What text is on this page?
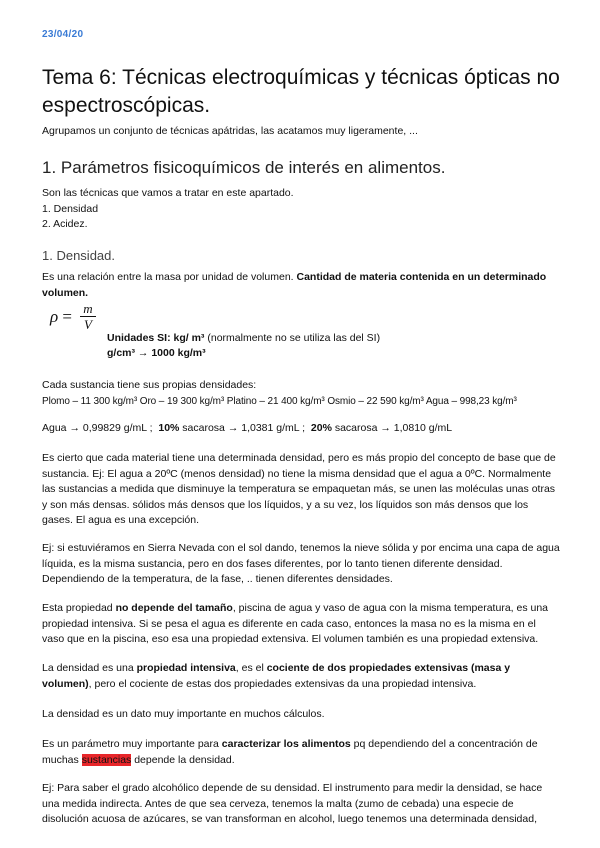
23/04/20
Tema 6: Técnicas electroquímicas y técnicas ópticas no espectroscópicas.

Agrupamos un conjunto de técnicas apátridas, las acatamos muy ligeramente, ...

1. Parámetros fisicoquímicos de interés en alimentos.

Son las técnicas que vamos a tratar en este apartado.
1. Densidad
2. Acidez.

1. Densidad.

Es una relación entre la masa por unidad de volumen. Cantidad de materia contenida en un determinado volumen.

$\rho = \frac{m}{V}$
Unidades SI: kg/ m³ (normalmente no se utiliza las del SI)
g/cm³ → 1000 kg/m³

Cada sustancia tiene sus propias densidades:
Plomo – 11 300 kg/m³ Oro – 19 300 kg/m³ Platino – 21 400 kg/m³ Osmio – 22 590 kg/m³ Agua – 998,23 kg/m³

Agua → 0,99829 g/mL ;  10% sacarosa → 1,0381 g/mL ;  20% sacarosa → 1,0810 g/mL

Es cierto que cada material tiene una determinada densidad, pero es más propio del concepto de base que de
sustancia. Ej: El agua a 20ºC (menos densidad) no tiene la misma densidad que el agua a 0ºC. Normalmente
las sustancias a medida que disminuye la temperatura se empaquetan más, se unen las moléculas unas otras
y son más densas. sólidos más densos que los líquidos, y a su vez, los líquidos son más densos que los
gases. El agua es una excepción.

Ej: si estuviéramos en Sierra Nevada con el sol dando, tenemos la nieve sólida y por encima una capa de agua
líquida, es la misma sustancia, pero en dos fases diferentes, por lo tanto tienen diferente densidad.
Dependiendo de la temperatura, de la fase, .. tienen diferentes densidades.

Esta propiedad no depende del tamaño, piscina de agua y vaso de agua con la misma temperatura, es una
propiedad intensiva. Si se pesa el agua es diferente en cada caso, entonces la masa no es la misma en el
vaso que en la piscina, eso esa una propiedad extensiva. El volumen también es una propiedad extensiva.

La densidad es una propiedad intensiva, es el cociente de dos propiedades extensivas (masa y
volumen), pero el cociente de estas dos propiedades extensivas da una propiedad intensiva.

La densidad es un dato muy importante en muchos cálculos.

Es un parámetro muy importante para caracterizar los alimentos pq dependiendo del a concentración de
muchas sustancias depende la densidad.

Ej: Para saber el grado alcohólico depende de su densidad. El instrumento para medir la densidad, se hace
una medida indirecta. Antes de que sea cerveza, tenemos la malta (zumo de cebada) una especie de
disolución acuosa de azúcares, se van transforman en alcohol, luego tenemos una determinada densidad,
